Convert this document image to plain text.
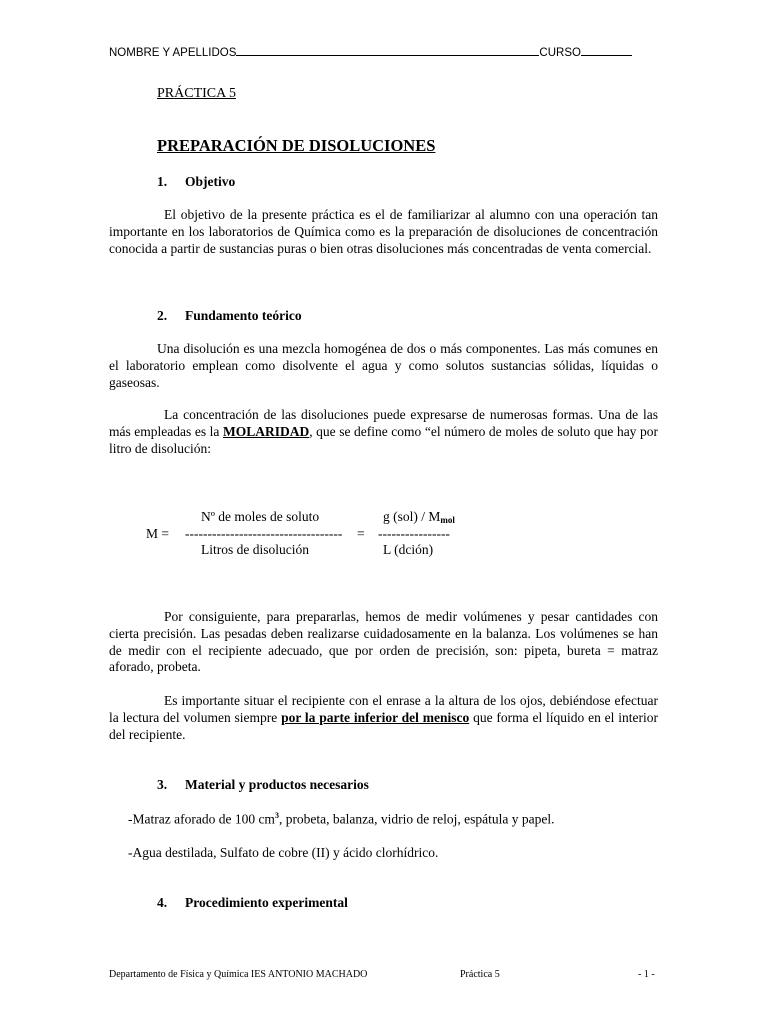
NOMBRE Y APELLIDOS	CURSO
PRÁCTICA 5
PREPARACIÓN DE DISOLUCIONES
1. Objetivo
El objetivo de la presente práctica es el de familiarizar al alumno con una operación tan importante en los laboratorios de Química como es la preparación de disoluciones de concentración conocida a partir de sustancias puras o bien otras disoluciones más concentradas de venta comercial.
2. Fundamento teórico
Una disolución es una mezcla homogénea de dos o más componentes. Las más comunes en el laboratorio emplean como disolvente el agua y como solutos sustancias sólidas, líquidas o gaseosas.
La concentración de las disoluciones puede expresarse de numerosas formas. Una de las más empleadas es la MOLARIDAD, que se define como “el número de moles de soluto que hay por litro de disolución:
M =
Nº de moles de soluto
----------------------------------- =
Litros de disolución
g $(sol) / M_{mol}$
----------------
L (dción)
Por consiguiente, para prepararlas, hemos de medir volúmenes y pesar cantidades con cierta precisión. Las pesadas deben realizarse cuidadosamente en la balanza. Los volúmenes se han de medir con el recipiente adecuado, que por orden de precisión, son: pipeta, bureta = matraz aforado, probeta.
Es importante situar el recipiente con el enrase a la altura de los ojos, debiéndose efectuar la lectura del volumen siempre por la parte inferior del menisco que forma el líquido en el interior del recipiente.
3. Material y productos necesarios
-Matraz aforado de 100 $cm^3$, probeta, balanza, vidrio de reloj, espátula y papel.
-Agua destilada, Sulfato de cobre (II) y ácido clorhídrico.
4. Procedimiento experimental
Departamento de Física y Química IES ANTONIO MACHADO	Práctica 5	- 1 -
